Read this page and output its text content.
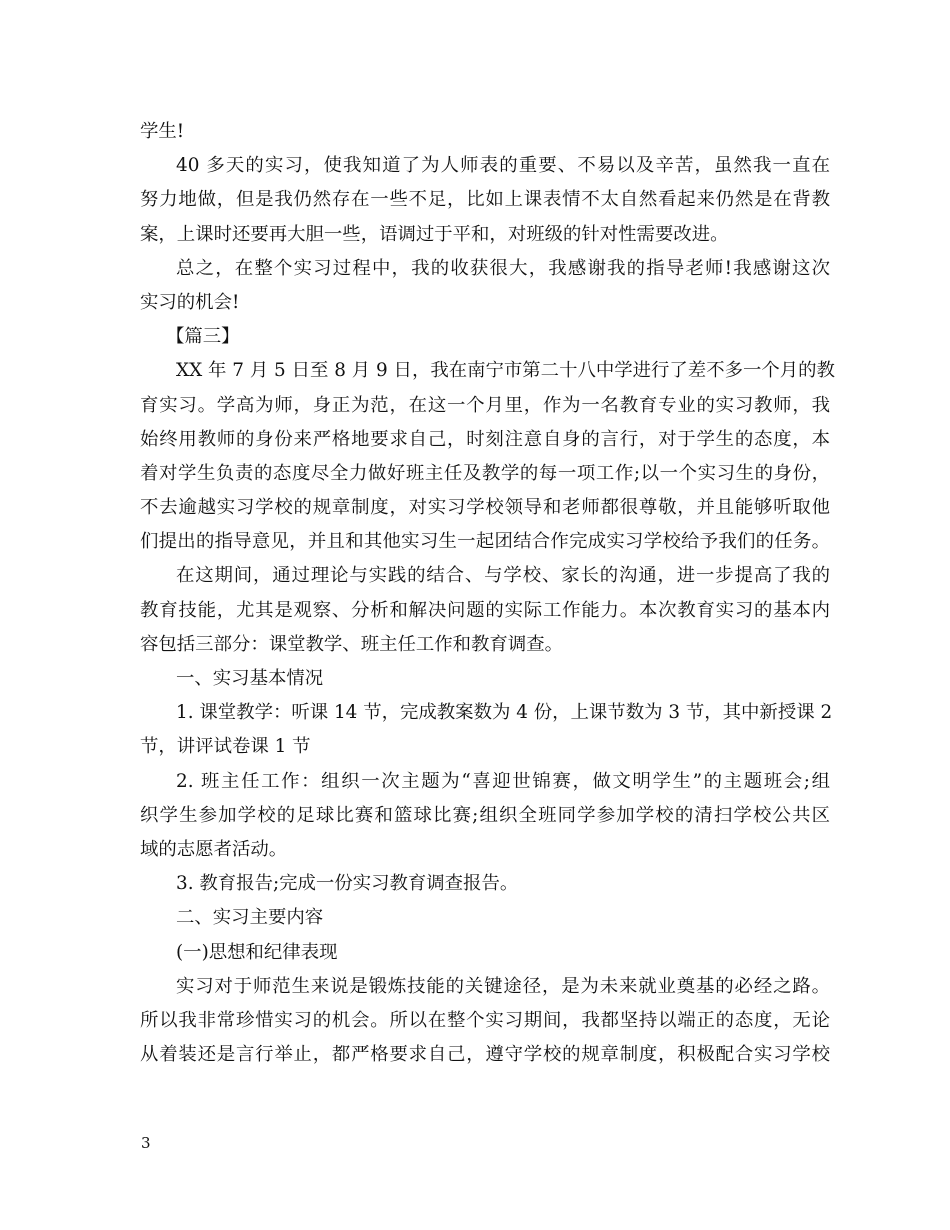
学生!
40 多天的实习，使我知道了为人师表的重要、不易以及辛苦，虽然我一直在
努力地做，但是我仍然存在一些不足，比如上课表情不太自然看起来仍然是在背教
案，上课时还要再大胆一些，语调过于平和，对班级的针对性需要改进。
总之，在整个实习过程中，我的收获很大，我感谢我的指导老师!我感谢这次
实习的机会!
【篇三】
XX 年 7 月 5 日至 8 月 9 日，我在南宁市第二十八中学进行了差不多一个月的教
育实习。学高为师，身正为范，在这一个月里，作为一名教育专业的实习教师，我
始终用教师的身份来严格地要求自己，时刻注意自身的言行，对于学生的态度，本
着对学生负责的态度尽全力做好班主任及教学的每一项工作;以一个实习生的身份，
不去逾越实习学校的规章制度，对实习学校领导和老师都很尊敬，并且能够听取他
们提出的指导意见，并且和其他实习生一起团结合作完成实习学校给予我们的任务。
在这期间，通过理论与实践的结合、与学校、家长的沟通，进一步提高了我的
教育技能，尤其是观察、分析和解决问题的实际工作能力。本次教育实习的基本内
容包括三部分：课堂教学、班主任工作和教育调查。
一、实习基本情况
1. 课堂教学：听课 14 节，完成教案数为 4 份，上课节数为 3 节，其中新授课 2
节，讲评试卷课 1 节
2. 班主任工作：组织一次主题为“喜迎世锦赛，做文明学生”的主题班会;组
织学生参加学校的足球比赛和篮球比赛;组织全班同学参加学校的清扫学校公共区
域的志愿者活动。
3. 教育报告;完成一份实习教育调查报告。
二、实习主要内容
(一)思想和纪律表现
实习对于师范生来说是锻炼技能的关键途径，是为未来就业奠基的必经之路。
所以我非常珍惜实习的机会。所以在整个实习期间，我都坚持以端正的态度，无论
从着装还是言行举止，都严格要求自己，遵守学校的规章制度，积极配合实习学校
3
